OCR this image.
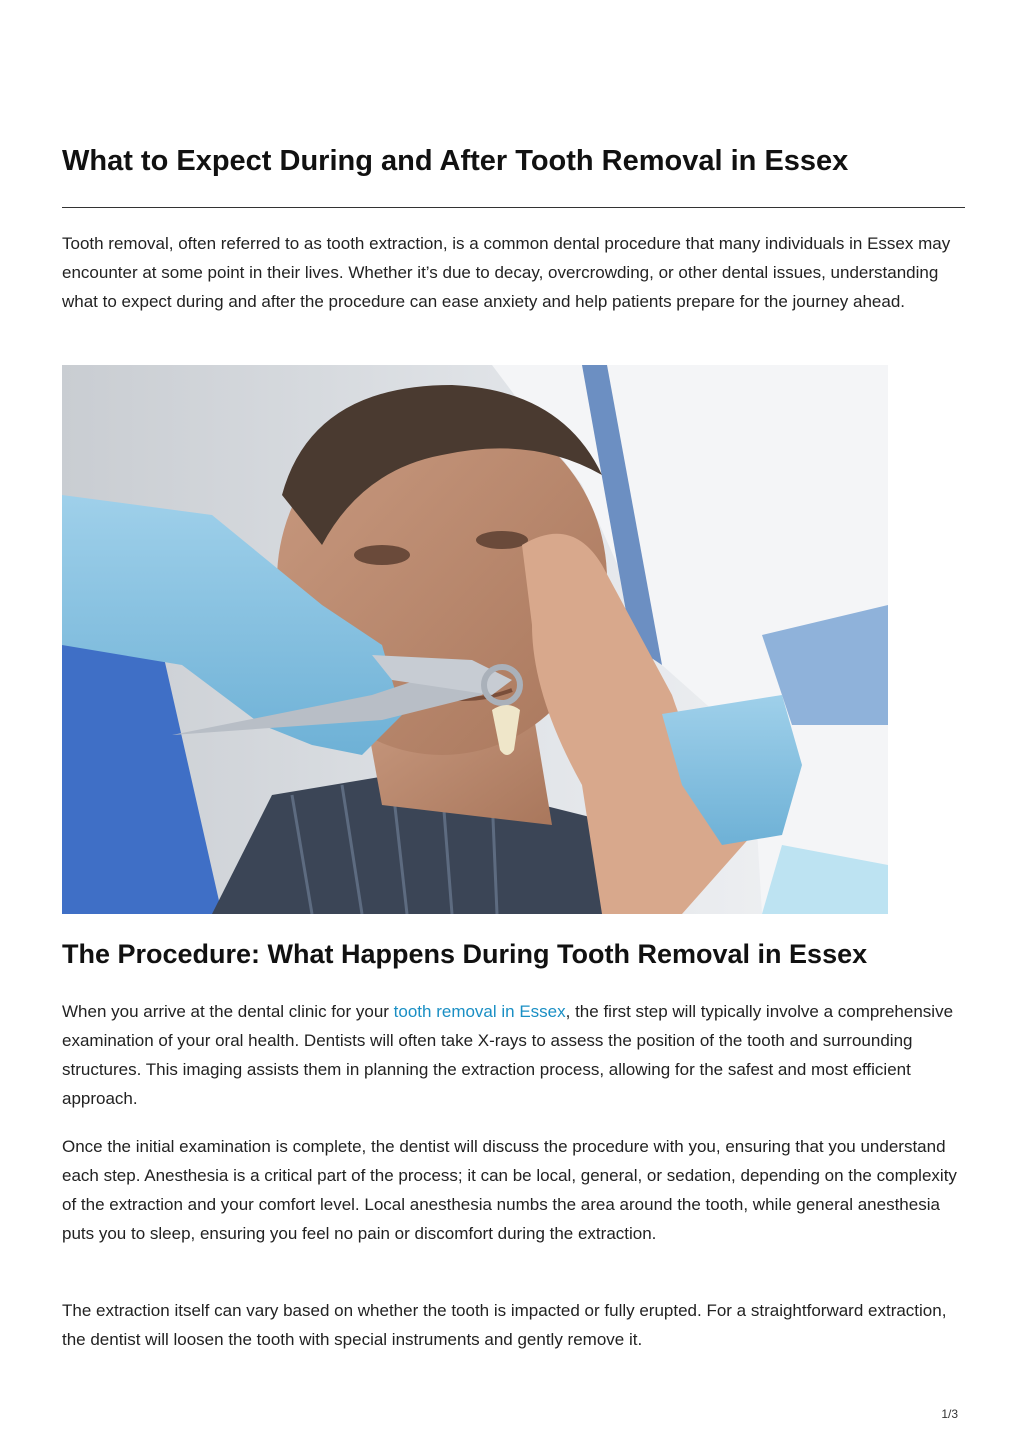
What to Expect During and After Tooth Removal in Essex

Tooth removal, often referred to as tooth extraction, is a common dental procedure that many individuals in Essex may encounter at some point in their lives. Whether it’s due to decay, overcrowding, or other dental issues, understanding what to expect during and after the procedure can ease anxiety and help patients prepare for the journey ahead.

The Procedure: What Happens During Tooth Removal in Essex

When you arrive at the dental clinic for your tooth removal in Essex, the first step will typically involve a comprehensive examination of your oral health. Dentists will often take X-rays to assess the position of the tooth and surrounding structures. This imaging assists them in planning the extraction process, allowing for the safest and most efficient approach.

Once the initial examination is complete, the dentist will discuss the procedure with you, ensuring that you understand each step. Anesthesia is a critical part of the process; it can be local, general, or sedation, depending on the complexity of the extraction and your comfort level. Local anesthesia numbs the area around the tooth, while general anesthesia puts you to sleep, ensuring you feel no pain or discomfort during the extraction.

The extraction itself can vary based on whether the tooth is impacted or fully erupted. For a straightforward extraction, the dentist will loosen the tooth with special instruments and gently remove it.

1/3
